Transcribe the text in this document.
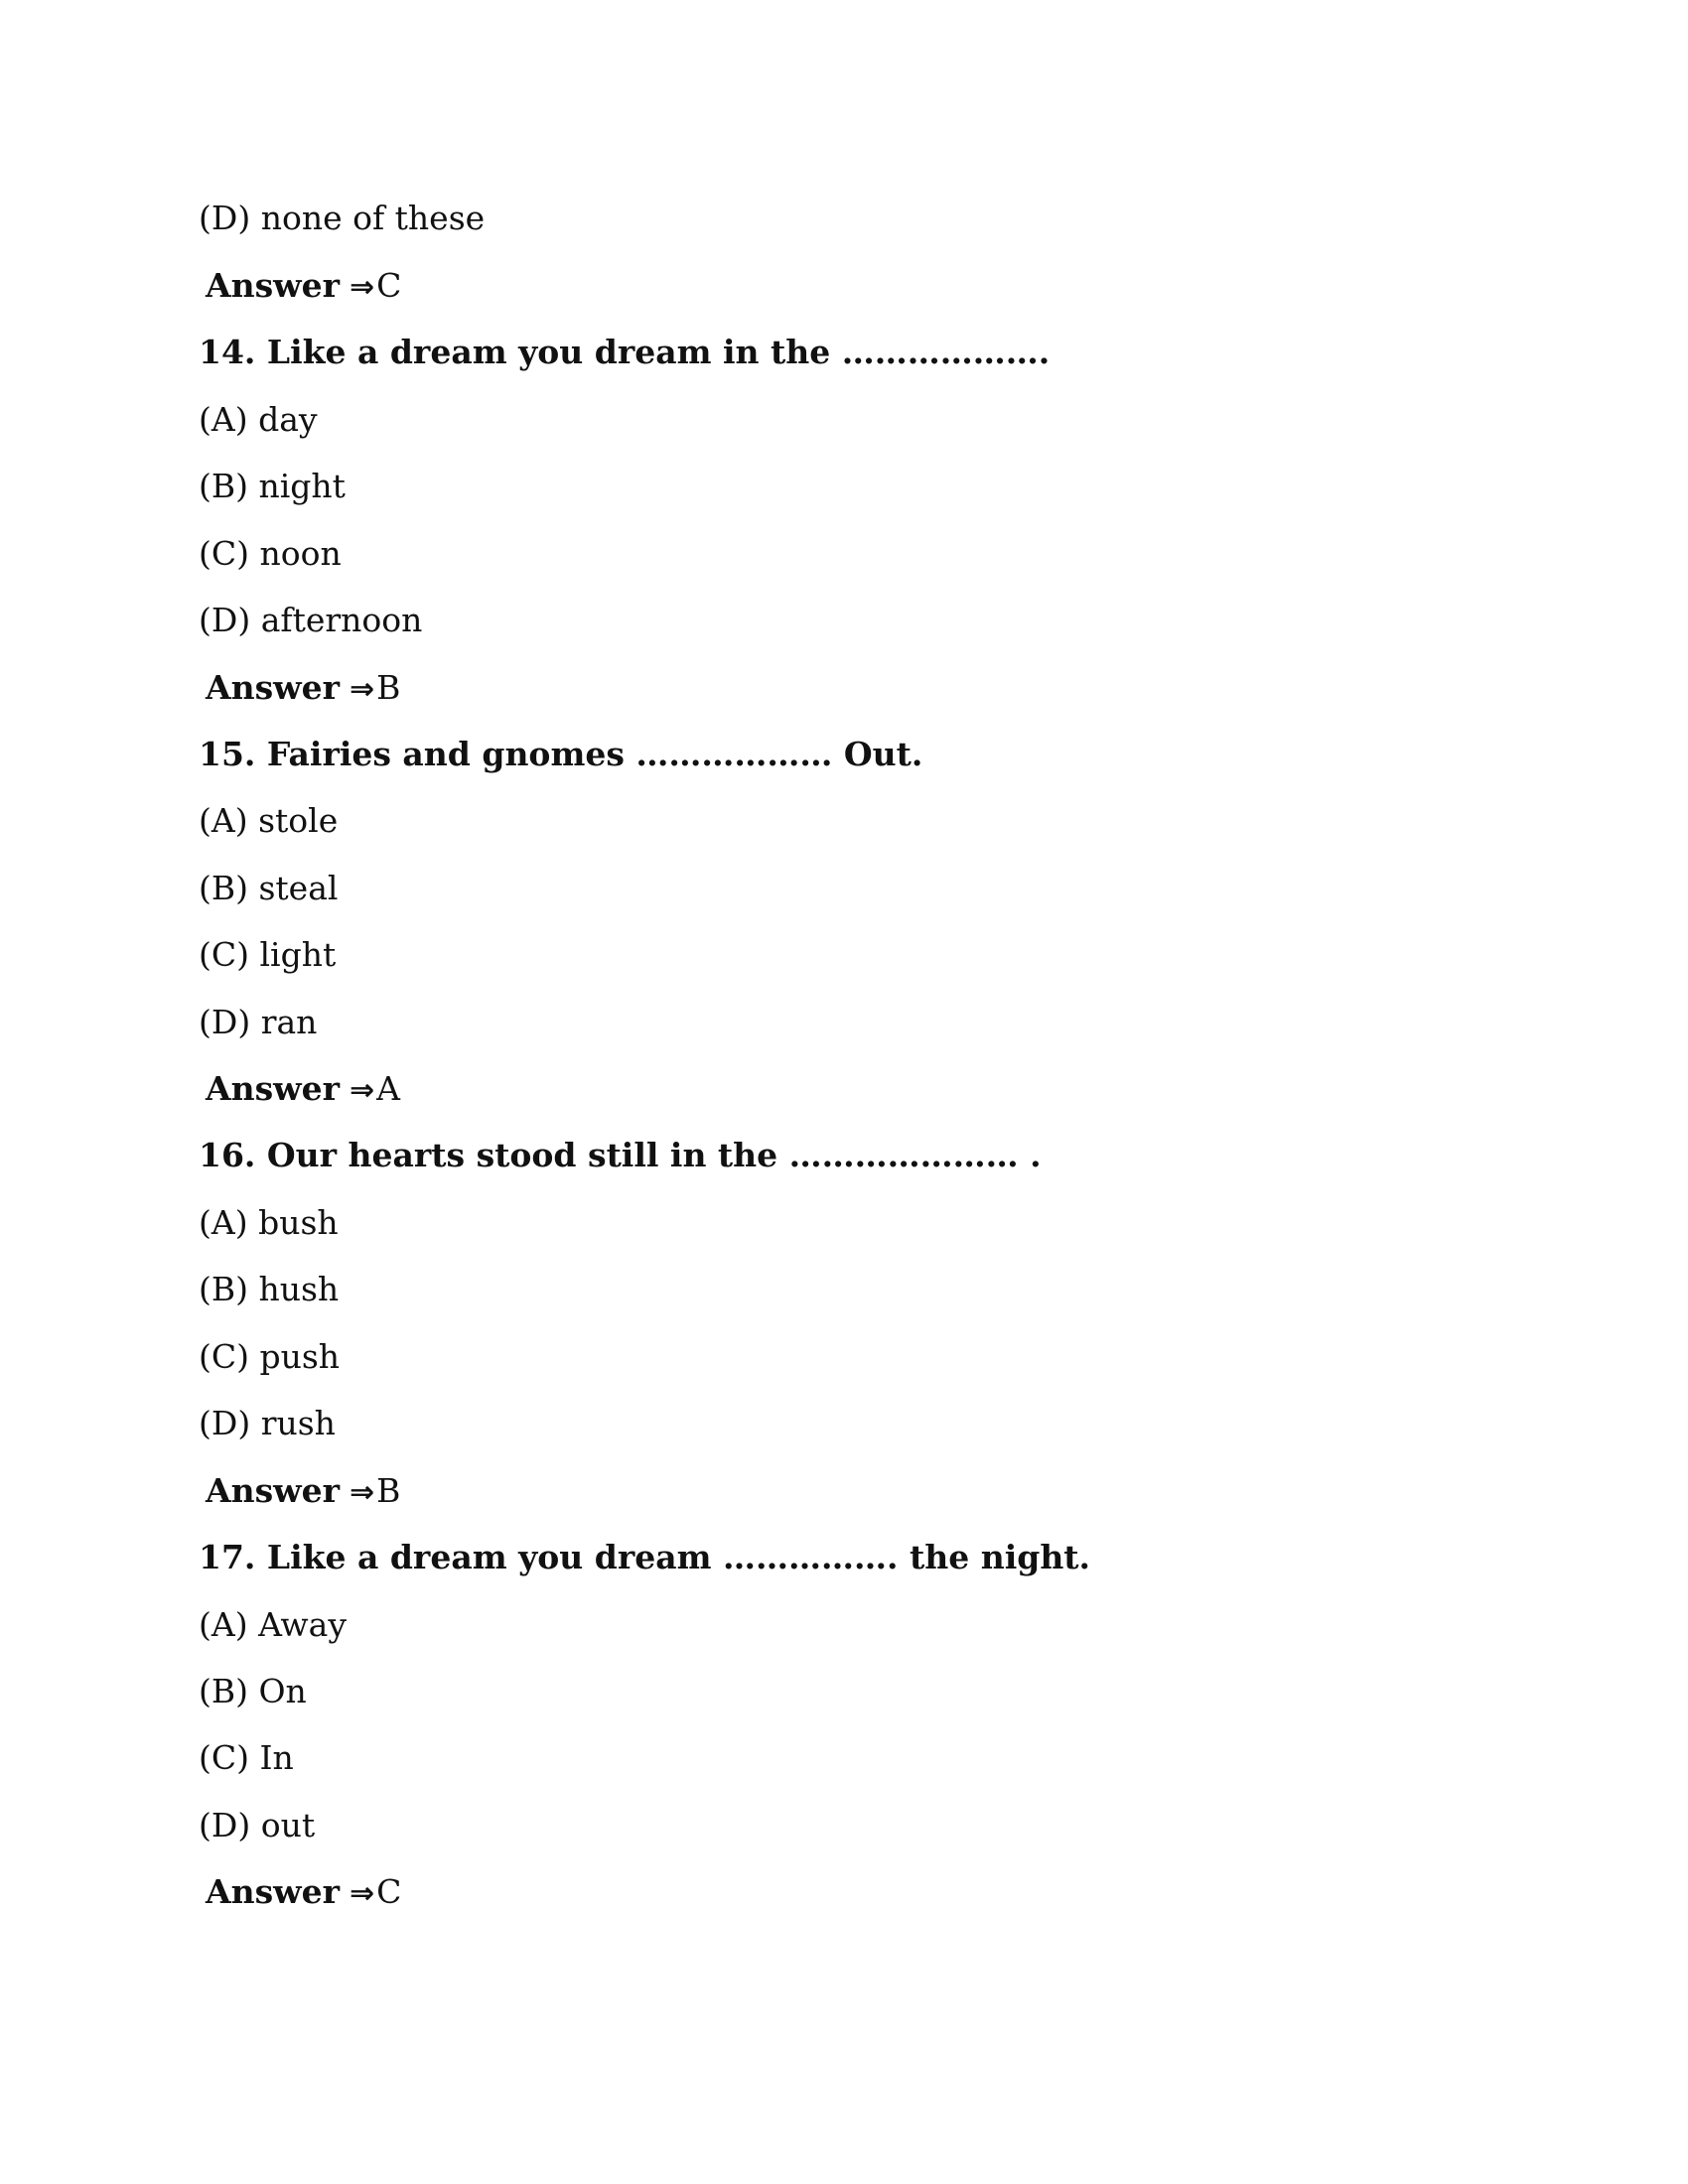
(D) none of these
Answer ⇒C
14. Like a dream you dream in the ……………….
(A) day
(B) night
(C) noon
(D) afternoon
Answer ⇒B
15. Fairies and gnomes ……………… Out.
(A) stole
(B) steal
(C) light
(D) ran
Answer ⇒A
16. Our hearts stood still in the ………………… .
(A) bush
(B) hush
(C) push
(D) rush
Answer ⇒B
17. Like a dream you dream ……………. the night.
(A) Away
(B) On
(C) In
(D) out
Answer ⇒C
